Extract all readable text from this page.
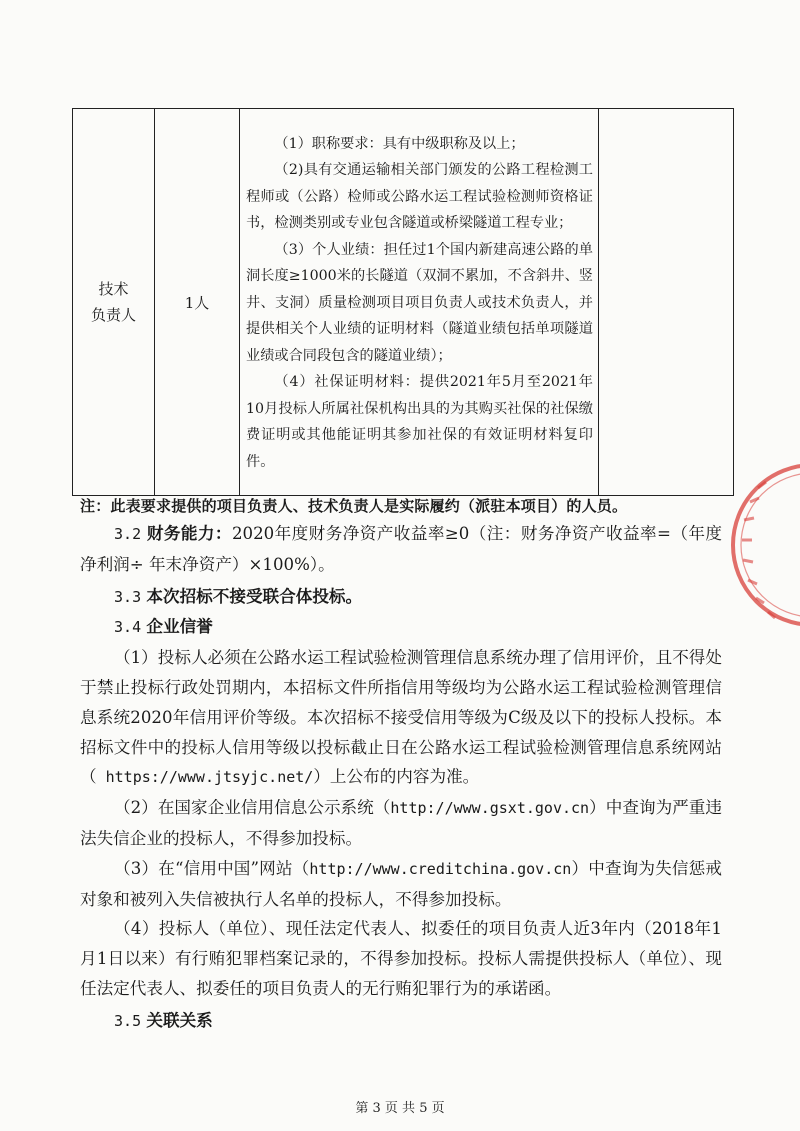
技术
负责人
	1人	

（1）职称要求：具有中级职称及以上；

（2)具有交通运输相关部门颁发的公路工程检测工程师或（公路）检师或公路水运工程试验检测师资格证书，检测类别或专业包含隧道或桥梁隧道工程专业；

（3）个人业绩：担任过1个国内新建高速公路的单洞长度≥1000米的长隧道（双洞不累加，不含斜井、竖井、支洞）质量检测项目项目负责人或技术负责人，并提供相关个人业绩的证明材料（隧道业绩包括单项隧道业绩或合同段包含的隧道业绩）；

（4）社保证明材料：提供2021年5月至2021年10月投标人所属社保机构出具的为其购买社保的社保缴费证明或其他能证明其参加社保的有效证明材料复印件。

注：此表要求提供的项目负责人、技术负责人是实际履约（派驻本项目）的人员。

3.2 财务能力：2020年度财务净资产收益率≥0（注：财务净资产收益率=（年度净利润÷ 年末净资产）×100%）。

3.3 本次招标不接受联合体投标。

3.4 企业信誉

（1）投标人必须在公路水运工程试验检测管理信息系统办理了信用评价，且不得处于禁止投标行政处罚期内，本招标文件所指信用等级均为公路水运工程试验检测管理信息系统2020年信用评价等级。本次招标不接受信用等级为C级及以下的投标人投标。本招标文件中的投标人信用等级以投标截止日在公路水运工程试验检测管理信息系统网站（ https://www.jtsyjc.net/）上公布的内容为准。

（2）在国家企业信用信息公示系统（http://www.gsxt.gov.cn）中查询为严重违法失信企业的投标人，不得参加投标。

（3）在“信用中国”网站（http://www.creditchina.gov.cn）中查询为失信惩戒对象和被列入失信被执行人名单的投标人，不得参加投标。

（4）投标人（单位）、现任法定代表人、拟委任的项目负责人近3年内（2018年1月1日以来）有行贿犯罪档案记录的，不得参加投标。投标人需提供投标人（单位）、现任法定代表人、拟委任的项目负责人的无行贿犯罪行为的承诺函。

3.5 关联关系

第 3 页 共 5 页
